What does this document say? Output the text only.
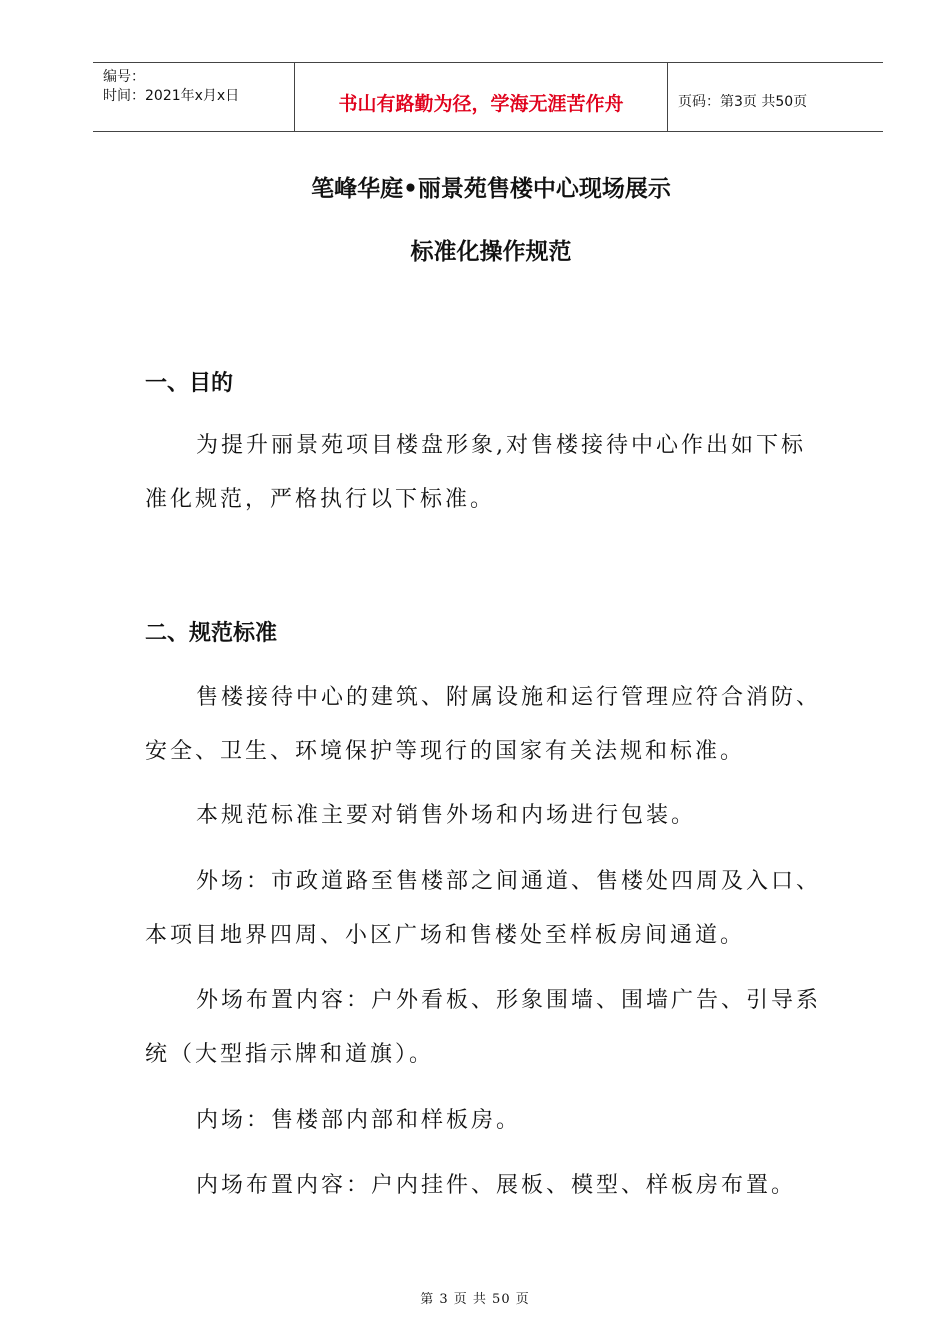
编号：
时间：2021年x月x日	书山有路勤为径，学海无涯苦作舟	页码：第3页 共50页
笔峰华庭•丽景苑售楼中心现场展示
标准化操作规范
一、目的
为提升丽景苑项目楼盘形象,对售楼接待中心作出如下标
准化规范，严格执行以下标准。
二、规范标准
售楼接待中心的建筑、附属设施和运行管理应符合消防、
安全、卫生、环境保护等现行的国家有关法规和标准。
本规范标准主要对销售外场和内场进行包装。
外场：市政道路至售楼部之间通道、售楼处四周及入口、
本项目地界四周、小区广场和售楼处至样板房间通道。
外场布置内容：户外看板、形象围墙、围墙广告、引导系
统（大型指示牌和道旗）。
内场：售楼部内部和样板房。
内场布置内容：户内挂件、展板、模型、样板房布置。
第 3 页 共 50 页
